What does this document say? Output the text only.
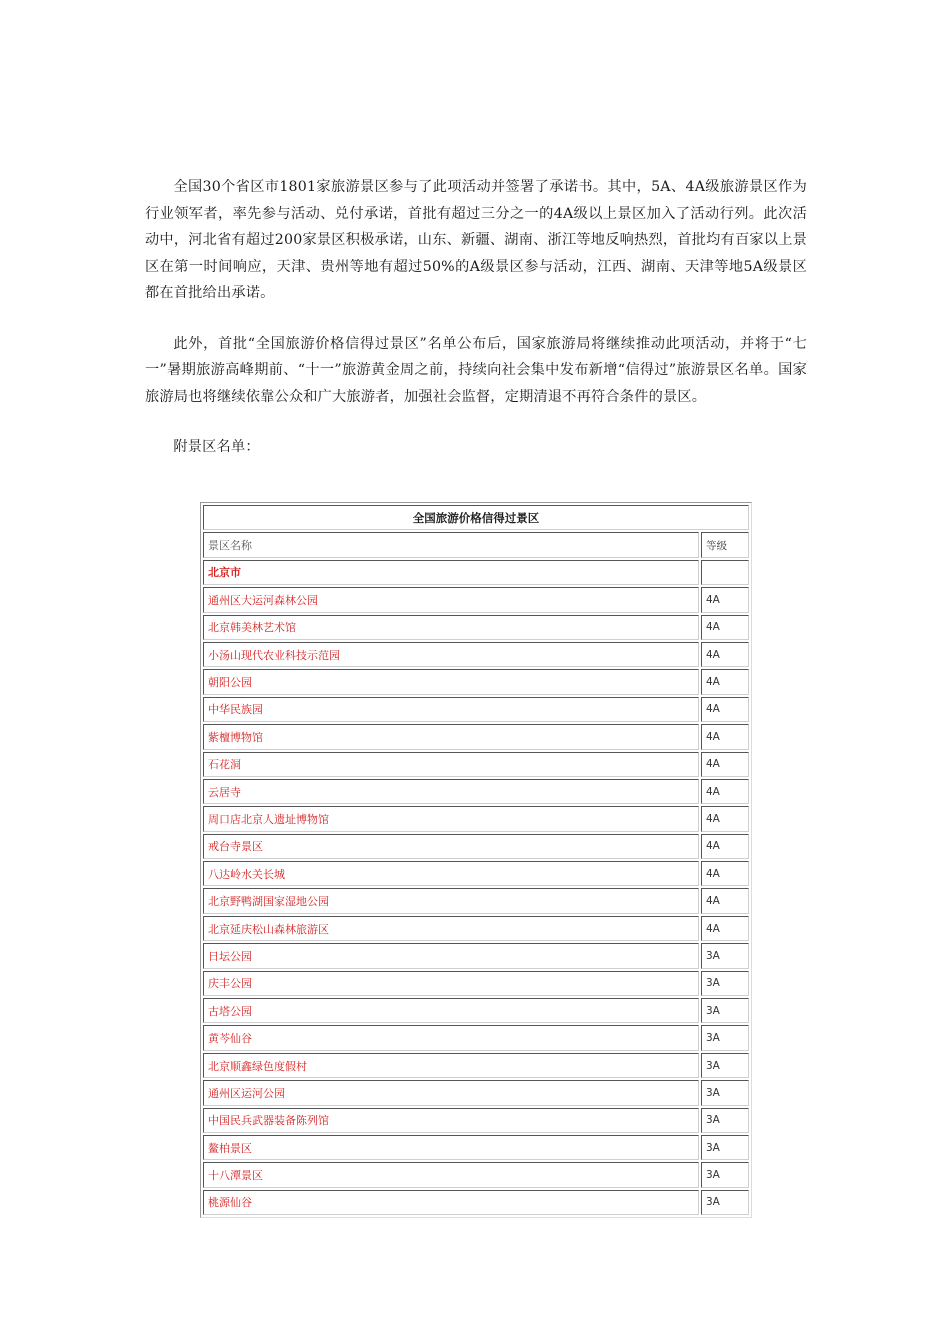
全国30个省区市1801家旅游景区参与了此项活动并签署了承诺书。其中，5A、4A级旅游景区作为行业领军者，率先参与活动、兑付承诺，首批有超过三分之一的4A级以上景区加入了活动行列。此次活动中，河北省有超过200家景区积极承诺，山东、新疆、湖南、浙江等地反响热烈，首批均有百家以上景区在第一时间响应，天津、贵州等地有超过50%的A级景区参与活动，江西、湖南、天津等地5A级景区都在首批给出承诺。

此外，首批“全国旅游价格信得过景区”名单公布后，国家旅游局将继续推动此项活动，并将于“七一”暑期旅游高峰期前、“十一”旅游黄金周之前，持续向社会集中发布新增“信得过”旅游景区名单。国家旅游局也将继续依靠公众和广大旅游者，加强社会监督，定期清退不再符合条件的景区。

附景区名单：

全国旅游价格信得过景区	
景区名称	等级
北京市	
通州区大运河森林公园	4A
北京韩美林艺术馆	4A
小汤山现代农业科技示范园	4A
朝阳公园	4A
中华民族园	4A
紫檀博物馆	4A
石花洞	4A
云居寺	4A
周口店北京人遗址博物馆	4A
戒台寺景区	4A
八达岭水关长城	4A
北京野鸭湖国家湿地公园	4A
北京延庆松山森林旅游区	4A
日坛公园	3A
庆丰公园	3A
古塔公园	3A
黄芩仙谷	3A
北京顺鑫绿色度假村	3A
通州区运河公园	3A
中国民兵武器装备陈列馆	3A
鳌柏景区	3A
十八潭景区	3A
桃源仙谷	3A
